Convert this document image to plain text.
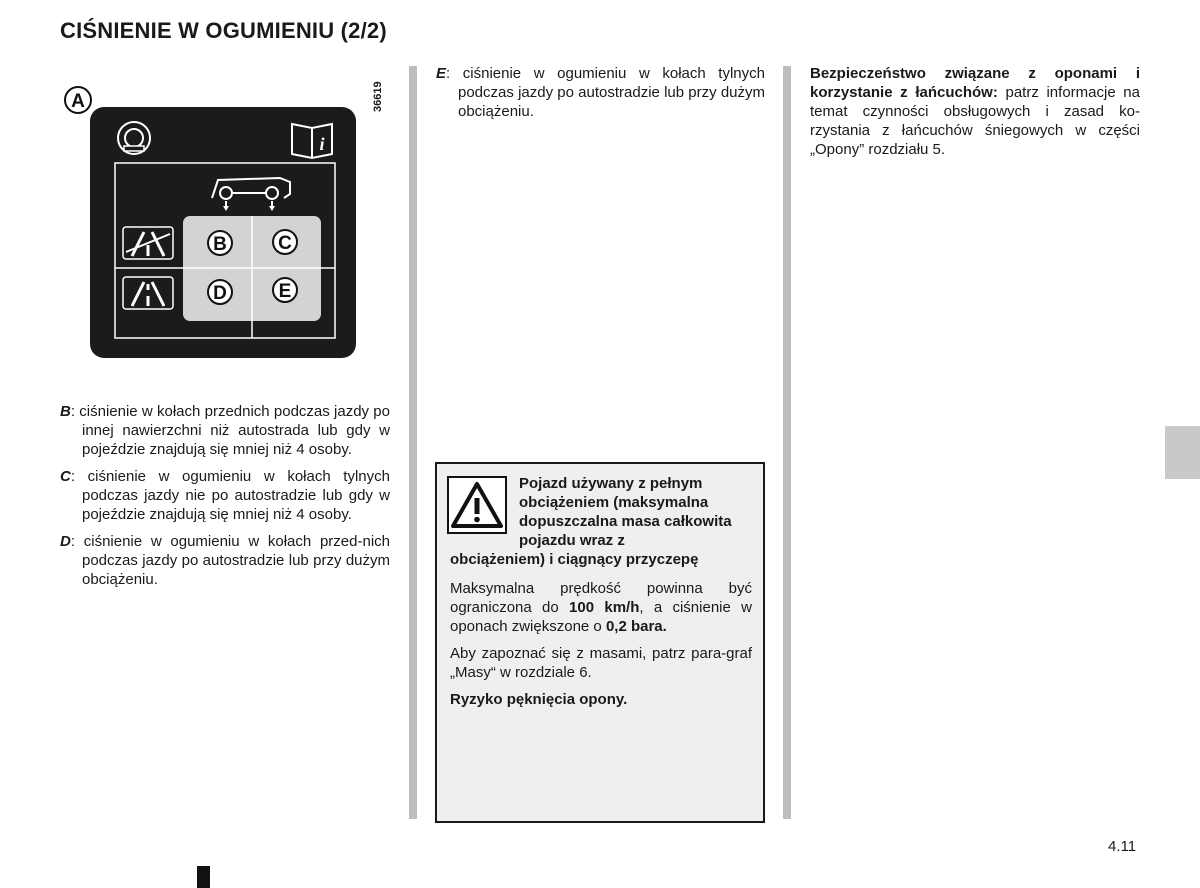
CIŚNIENIE W OGUMIENIU (2/2)
A
i
B	C
D	E
36619

B: ciśnienie w kołach przednich podczas jazdy po innej nawierzchni niż autostrada lub gdy w pojeździe znajdują się mniej niż 4 osoby.

C: ciśnienie w ogumieniu w kołach tylnych podczas jazdy nie po autostradzie lub gdy w pojeździe znajdują się mniej niż 4 osoby.

D: ciśnienie w ogumieniu w kołach przed-nich podczas jazdy po autostradzie lub przy dużym obciążeniu.

E: ciśnienie w ogumieniu w kołach tylnych podczas jazdy po autostradzie lub przy dużym obciążeniu.

Pojazd używany z pełnym obciążeniem (maksymalna dopuszczalna masa całkowita pojazdu wraz z
obciążeniem) i ciągnący przyczepę

Maksymalna prędkość powinna być ograniczona do 100 km/h, a ciśnienie w oponach zwiększone o 0,2 bara.

Aby zapoznać się z masami, patrz para-graf „Masy“ w rozdziale 6.

Ryzyko pęknięcia opony.

Bezpieczeństwo związane z oponami i korzystanie z łańcuchów: patrz informacje na temat czynności obsługowych i zasad ko-rzystania z łańcuchów śniegowych w części „Opony” rozdziału 5.

4.11
